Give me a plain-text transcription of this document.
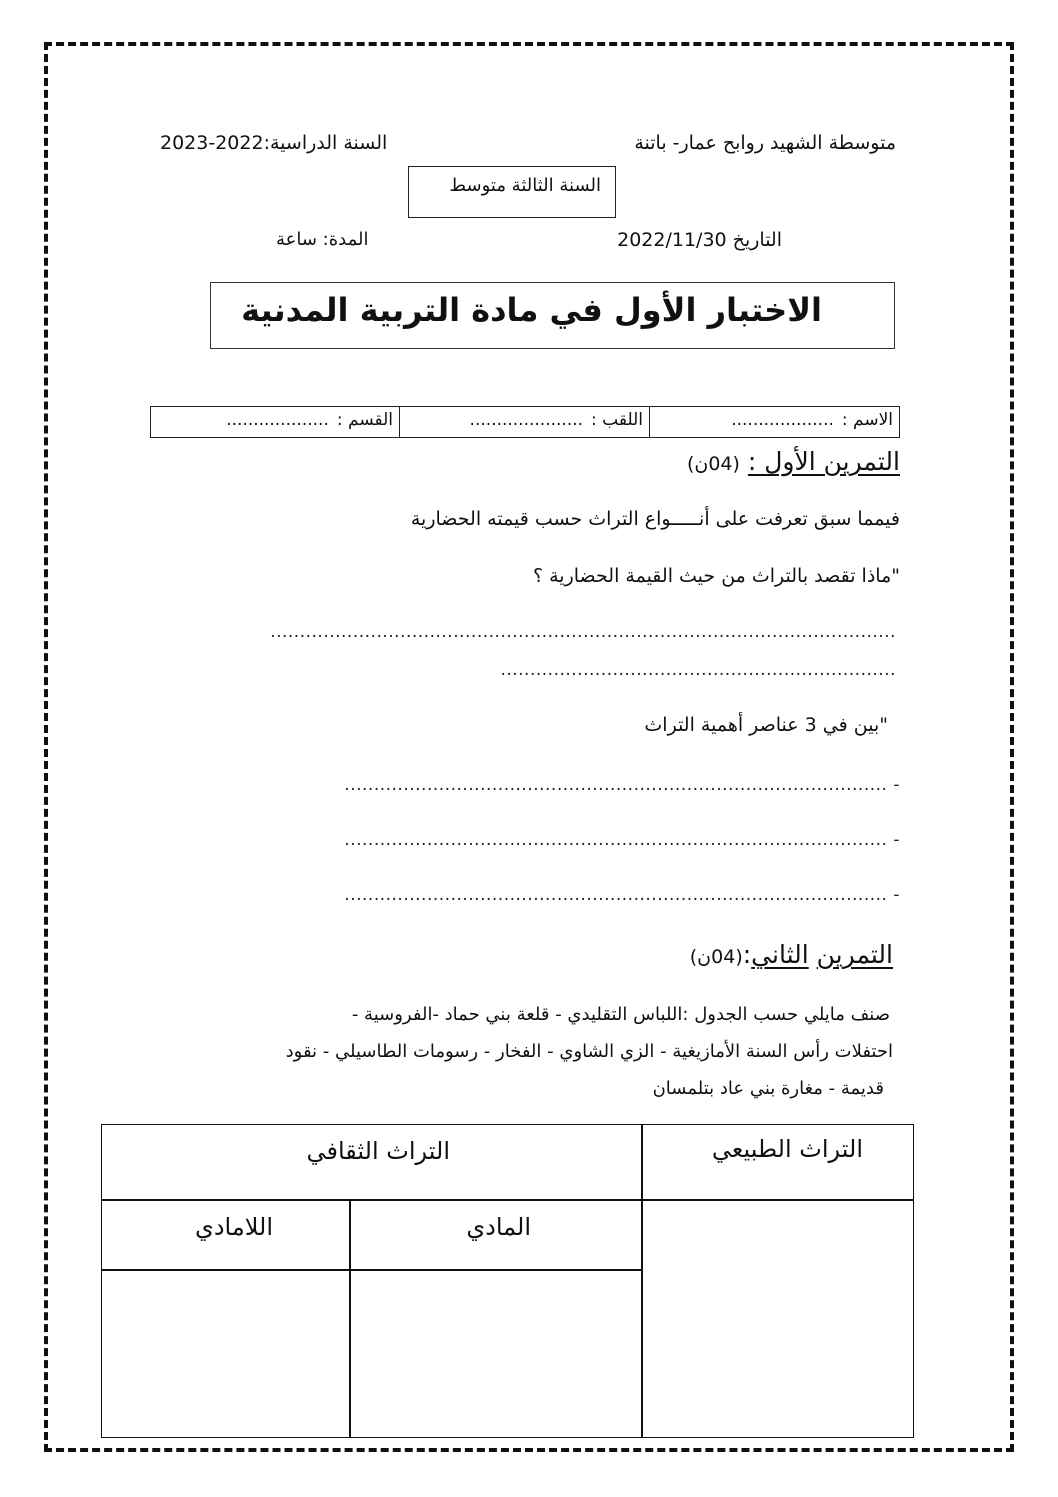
متوسطة الشهيد روابح عمار- باتنة
السنة الدراسية:2022-2023
السنة الثالثة متوسط
التاريخ 2022/11/30
المدة: ساعة
الاختبار الأول في مادة التربية المدنية
الاسم :...................
اللقب :.....................
القسم :...................
التمرين الأول : (04ن)
فيمما سبق تعرفت على أنـــــواع التراث حسب قيمته الحضارية
"ماذا تقصد بالتراث من حيث القيمة الحضارية ؟
..........................................................................................................
...................................................................
"بين في 3 عناصر أهمية التراث
- ............................................................................................
- ............................................................................................
- ............................................................................................
التمرين الثاني:(04ن)
صنف مايلي حسب الجدول :اللباس التقليدي - قلعة بني حماد -الفروسية -
احتفلات رأس السنة الأمازيغية - الزي الشاوي - الفخار - رسومات الطاسيلي - نقود
قديمة - مغارة بني عاد بتلمسان
التراث الطبيعي
التراث الثقافي
المادي
اللامادي
